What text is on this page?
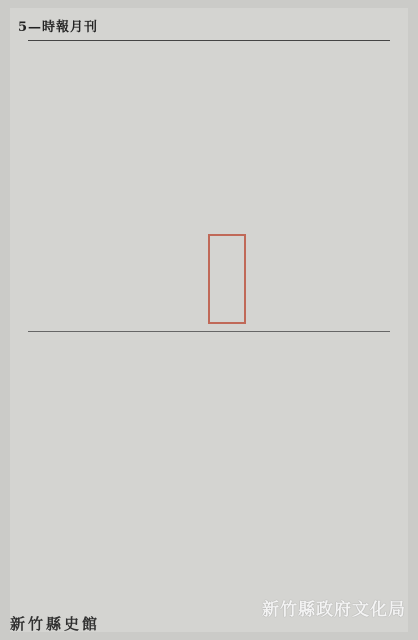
5—時報月刊
新竹縣政府文化局
新竹縣史館
